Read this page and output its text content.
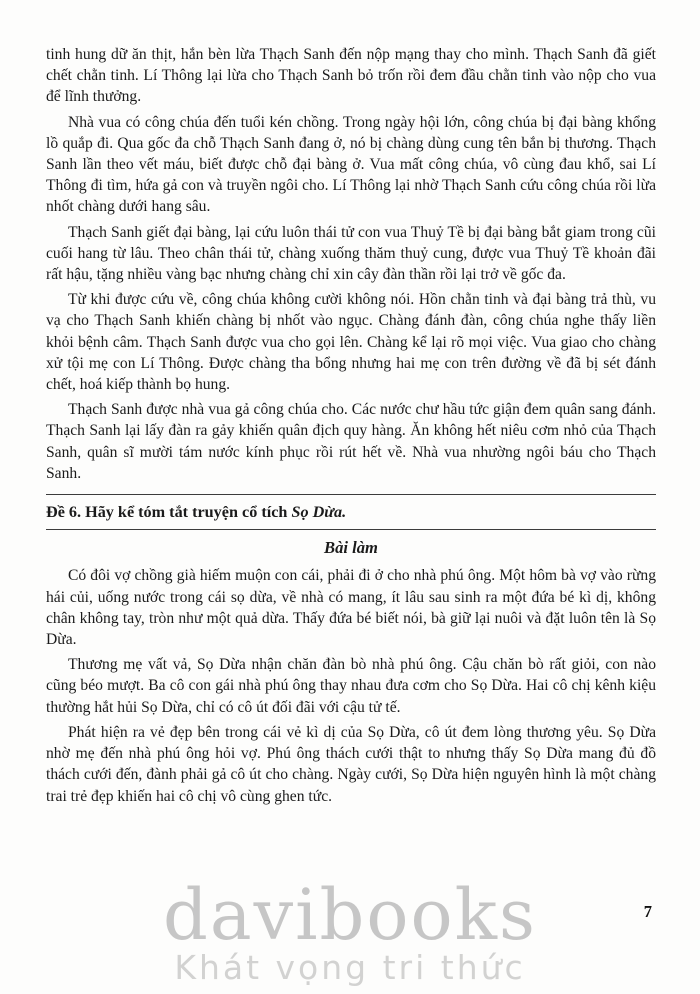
tinh hung dữ ăn thịt, hắn bèn lừa Thạch Sanh đến nộp mạng thay cho mình. Thạch Sanh đã giết chết chằn tinh. Lí Thông lại lừa cho Thạch Sanh bỏ trốn rồi đem đầu chằn tinh vào nộp cho vua để lĩnh thưởng.

Nhà vua có công chúa đến tuổi kén chồng. Trong ngày hội lớn, công chúa bị đại bàng khổng lồ quắp đi. Qua gốc đa chỗ Thạch Sanh đang ở, nó bị chàng dùng cung tên bắn bị thương. Thạch Sanh lần theo vết máu, biết được chỗ đại bàng ở. Vua mất công chúa, vô cùng đau khổ, sai Lí Thông đi tìm, hứa gả con và truyền ngôi cho. Lí Thông lại nhờ Thạch Sanh cứu công chúa rồi lừa nhốt chàng dưới hang sâu.

Thạch Sanh giết đại bàng, lại cứu luôn thái tử con vua Thuỷ Tề bị đại bàng bắt giam trong cũi cuối hang từ lâu. Theo chân thái tử, chàng xuống thăm thuỷ cung, được vua Thuỷ Tề khoản đãi rất hậu, tặng nhiều vàng bạc nhưng chàng chỉ xin cây đàn thần rồi lại trở về gốc đa.

Từ khi được cứu về, công chúa không cười không nói. Hồn chằn tinh và đại bàng trả thù, vu vạ cho Thạch Sanh khiến chàng bị nhốt vào ngục. Chàng đánh đàn, công chúa nghe thấy liền khỏi bệnh câm. Thạch Sanh được vua cho gọi lên. Chàng kể lại rõ mọi việc. Vua giao cho chàng xử tội mẹ con Lí Thông. Được chàng tha bổng nhưng hai mẹ con trên đường về đã bị sét đánh chết, hoá kiếp thành bọ hung.

Thạch Sanh được nhà vua gả công chúa cho. Các nước chư hầu tức giận đem quân sang đánh. Thạch Sanh lại lấy đàn ra gảy khiến quân địch quy hàng. Ăn không hết niêu cơm nhỏ của Thạch Sanh, quân sĩ mười tám nước kính phục rồi rút hết về. Nhà vua nhường ngôi báu cho Thạch Sanh.

Đề 6. Hãy kể tóm tắt truyện cổ tích Sọ Dừa.
Bài làm

Có đôi vợ chồng già hiếm muộn con cái, phải đi ở cho nhà phú ông. Một hôm bà vợ vào rừng hái củi, uống nước trong cái sọ dừa, về nhà có mang, ít lâu sau sinh ra một đứa bé kì dị, không chân không tay, tròn như một quả dừa. Thấy đứa bé biết nói, bà giữ lại nuôi và đặt luôn tên là Sọ Dừa.

Thương mẹ vất vả, Sọ Dừa nhận chăn đàn bò nhà phú ông. Cậu chăn bò rất giỏi, con nào cũng béo mượt. Ba cô con gái nhà phú ông thay nhau đưa cơm cho Sọ Dừa. Hai cô chị kênh kiệu thường hắt hủi Sọ Dừa, chỉ có cô út đối đãi với cậu tử tế.

Phát hiện ra vẻ đẹp bên trong cái vẻ kì dị của Sọ Dừa, cô út đem lòng thương yêu. Sọ Dừa nhờ mẹ đến nhà phú ông hỏi vợ. Phú ông thách cưới thật to nhưng thấy Sọ Dừa mang đủ đồ thách cưới đến, đành phải gả cô út cho chàng. Ngày cưới, Sọ Dừa hiện nguyên hình là một chàng trai trẻ đẹp khiến hai cô chị vô cùng ghen tức.

davibooks
Khát vọng tri thức
7
